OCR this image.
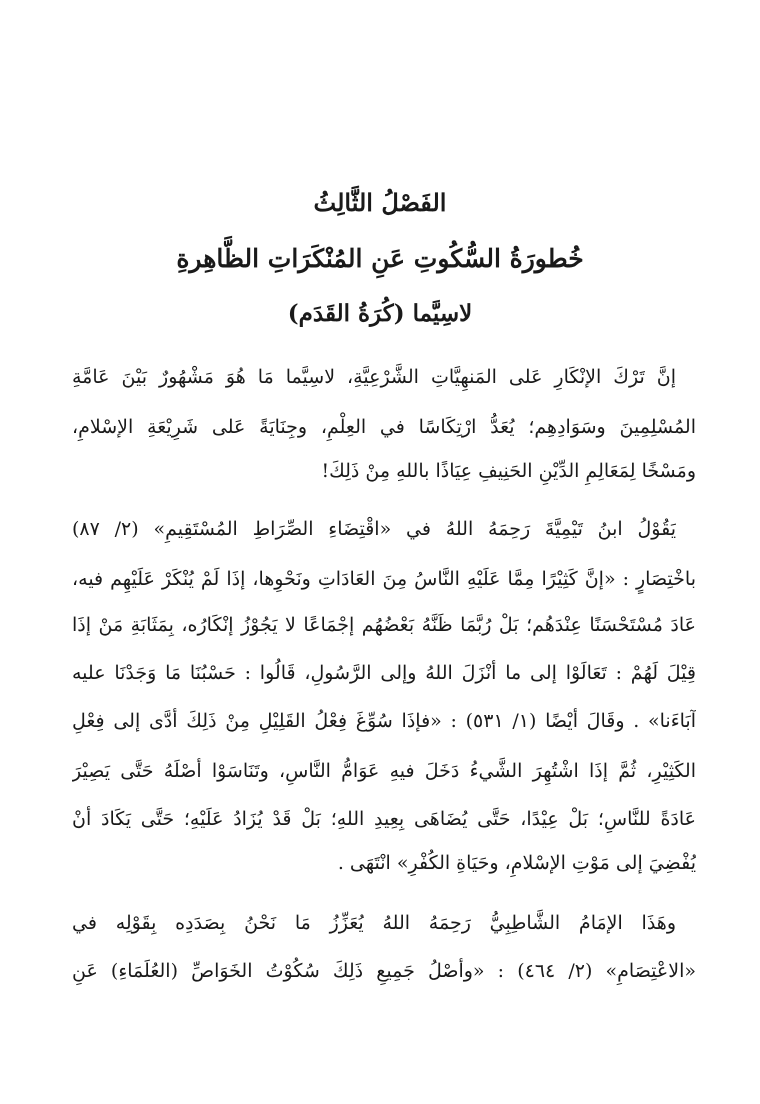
الفَصْلُ الثَّالِثُ
خُطورَةُ السُّكُوتِ عَنِ المُنْكَرَاتِ الظَّاهِرةِ
لاسِيَّما (كُرَةُ القَدَم)
إنَّ تَرْكَ الإنْكَارِ عَلى المَنهِيَّاتِ الشَّرْعِيَّةِ، لاسِيَّما مَا هُوَ مَشْهُورٌ بَيْنَ عَامَّةِ
المُسْلِمِينَ وسَوَادِهِم؛ يُعَدُّ ارْتِكَاسًا في العِلْمِ، وجِنَايَةً عَلى شَرِيْعَةِ الإسْلامِ،
ومَسْخًا لِمَعَالِمِ الدِّيْنِ الحَنِيفِ عِيَاذًا باللهِ مِنْ ذَلِكَ!
يَقُوْلُ ابنُ تَيْمِيَّةَ رَحِمَهُ اللهُ في «اقْتِضَاءِ الصِّرَاطِ المُسْتَقِيمِ» (٢/ ٨٧)
باخْتِصَارٍ : «إنَّ كَثِيْرًا مِمَّا عَلَيْهِ النَّاسُ مِنَ العَادَاتِ ونَحْوِها، إذَا لَمْ يُنْكَرْ عَلَيْهِم فيه،
عَادَ مُسْتَحْسَنًا عِنْدَهُم؛ بَلْ رُبَّمَا ظَنَّهُ بَعْضُهُم إجْمَاعًا لا يَجُوْزُ إنْكَارُه، بِمَثَابَةِ مَنْ إذَا
قِيْلَ لَهُمْ : تَعَالَوْا إلى ما أنْزَلَ اللهُ وإلى الرَّسُولِ، قَالُوا : حَسْبُنَا مَا وَجَدْنَا عليه
آبَاءَنا» . وقَالَ أيْضًا (١/ ٥٣١) : «فإذَا سُوِّغَ فِعْلُ القَلِيْلِ مِنْ ذَلِكَ أدَّى إلى فِعْلِ
الكَثِيْرِ، ثُمَّ إذَا اشْتُهِرَ الشَّيءُ دَخَلَ فيهِ عَوَامُّ النَّاسِ، وتَنَاسَوْا أصْلَهُ حَتَّى يَصِيْرَ
عَادَةً للنَّاسِ؛ بَلْ عِيْدًا، حَتَّى يُضَاهَى بِعِيدِ اللهِ؛ بَلْ قَدْ يُزَادُ عَلَيْهِ؛ حَتَّى يَكَادَ أنْ
يُفْضِيَ إلى مَوْتِ الإسْلامِ، وحَيَاةِ الكُفْرِ» انْتَهَى .
وهَذَا الإمَامُ الشَّاطِبِيُّ رَحِمَهُ اللهُ يُعَزِّزُ مَا نَحْنُ بِصَدَدِه بِقَوْلِه في
«الاعْتِصَامِ» (٢/ ٤٦٤) : «وأصْلُ جَمِيعِ ذَلِكَ سُكُوْتُ الخَوَاصِّ (العُلَمَاءِ) عَنِ
